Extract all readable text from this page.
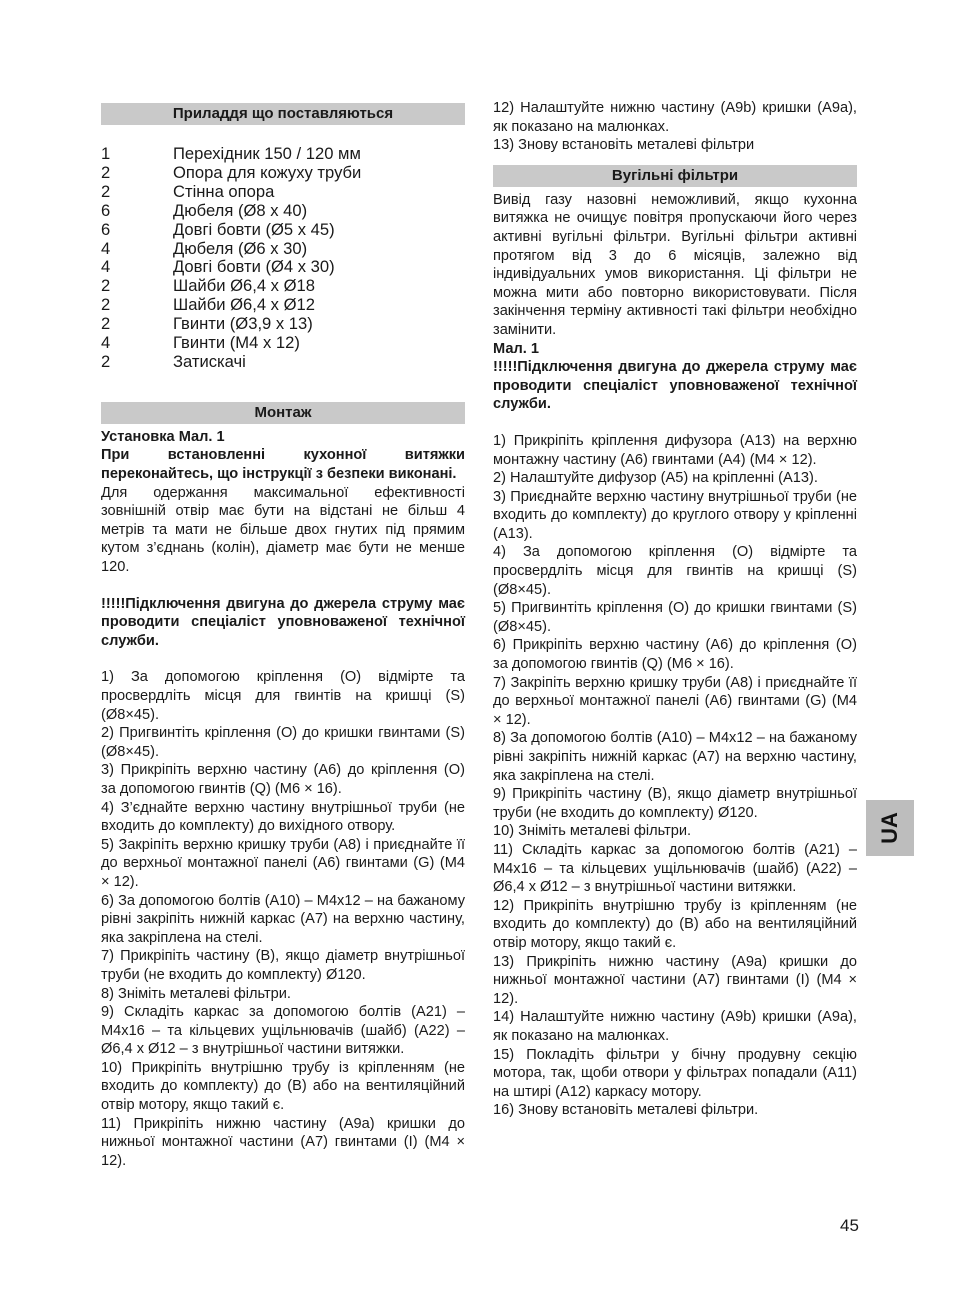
Приладдя що поставляються
1	Перехідник 150 / 120 мм
2	Опора для кожуху труби
2	Стінна опора
6	Дюбеля (Ø8 x 40)
6	Довгі бовти (Ø5 x 45)
4	Дюбеля (Ø6 x 30)
4	Довгі бовти (Ø4 x 30)
2	Шайби Ø6,4 x Ø18
2	Шайби Ø6,4 x Ø12
2	Гвинти (Ø3,9 x 13)
4	Гвинти (M4 x 12)
2	Затискачі
Монтаж

Установка Мал. 1

При встановленні кухонної витяжки переконайтесь, що інструкції з безпеки виконані.

Для одержання максимальної ефективності зовнішній отвір має бути на відстані не більш 4 метрів та мати не більше двох гнутих під прямим кутом з’єднань (колін), діаметр має бути не менше 120.

!!!!!Підключення двигуна до джерела струму має проводити спеціаліст уповноваженої технічної служби.

1) За допомогою кріплення (O) відмірте та просвердліть місця для гвинтів на кришці (S) (Ø8×45).

2) Пригвинтіть кріплення (O) до кришки гвинтами (S) (Ø8×45).

3) Прикріпіть верхню частину (A6) до кріплення (O) за допомогою гвинтів (Q) (M6 × 16).

4) З’єднайте верхню частину внутрішньої труби (не входить до комплекту) до вихідного отвору.

5) Закріпіть верхню кришку труби (A8) і приєднайте її до верхньої монтажної панелі (A6) гвинтами (G) (M4 × 12).

6) За допомогою болтів (A10) – M4x12 – на бажаному рівні закріпіть нижній каркас (A7) на верхню частину, яка закріплена на стелі.

7) Прикріпіть частину (B), якщо діаметр внутрішньої труби (не входить до комплекту) Ø120.

8) Зніміть металеві фільтри.

9) Складіть каркас за допомогою болтів (A21) – M4x16 – та кільцевих ущільнювачів (шайб) (A22) – Ø6,4 x Ø12 – з внутрішньої частини витяжки.

10) Прикріпіть внутрішню трубу із кріпленням (не входить до комплекту) до (B) або на вентиляційний отвір мотору, якщо такий є.

11) Прикріпіть нижню частину (A9a) кришки до нижньої монтажної частини (A7) гвинтами (I) (M4 × 12).

12) Налаштуйте нижню частину (A9b) кришки (A9a), як показано на малюнках.

13) Знову встановіть металеві фільтри

Вугільні фільтри

Вивід газу назовні неможливий, якщо кухонна витяжка не очищує повітря пропускаючи його через активні вугільні фільтри. Вугільні фільтри активні протягом від 3 до 6 місяців, залежно від індивідуальних умов використання. Ці фільтри не можна мити або повторно використовувати. Після закінчення терміну активності такі фільтри необхідно замінити.

Мал. 1

!!!!!Підключення двигуна до джерела струму має проводити спеціаліст уповноваженої технічної служби.

1) Прикріпіть кріплення дифузора (A13) на верхню монтажну частину (A6) гвинтами (A4) (M4 × 12).

2) Налаштуйте дифузор (A5) на кріпленні (A13).

3) Приєднайте верхню частину внутрішньої труби (не входить до комплекту) до круглого отвору у кріпленні (A13).

4) За допомогою кріплення (O) відмірте та просвердліть місця для гвинтів на кришці (S) (Ø8×45).

5) Пригвинтіть кріплення (O) до кришки гвинтами (S) (Ø8×45).

6) Прикріпіть верхню частину (A6) до кріплення (O) за допомогою гвинтів (Q) (M6 × 16).

7) Закріпіть верхню кришку труби (A8) і приєднайте її до верхньої монтажної панелі (A6) гвинтами (G) (M4 × 12).

8) За допомогою болтів (A10) – M4x12 – на бажаному рівні закріпіть нижній каркас (A7) на верхню частину, яка закріплена на стелі.

9) Прикріпіть частину (B), якщо діаметр внутрішньої труби (не входить до комплекту) Ø120.

10) Зніміть металеві фільтри.

11) Складіть каркас за допомогою болтів (A21) – M4x16 – та кільцевих ущільнювачів (шайб) (A22) – Ø6,4 x Ø12 – з внутрішньої частини витяжки.

12) Прикріпіть внутрішню трубу із кріпленням (не входить до комплекту) до (B) або на вентиляційний отвір мотору, якщо такий є.

13) Прикріпіть нижню частину (A9a) кришки до нижньої монтажної частини (A7) гвинтами (I) (M4 × 12).

14) Налаштуйте нижню частину (A9b) кришки (A9a), як показано на малюнках.

15) Покладіть фільтри у бічну продувну секцію мотора, так, щоби отвори у фільтрах попадали (A11) на штирі (A12) каркасу мотору.

16) Знову встановіть металеві фільтри.

UA
45
